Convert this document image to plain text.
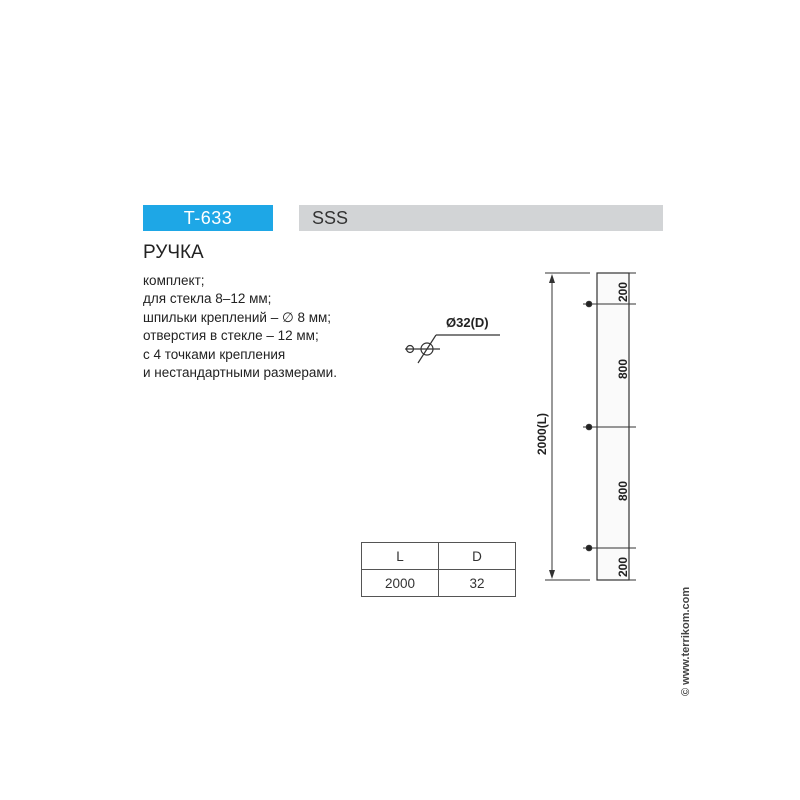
T-633	SSS
РУЧКА
комплект;
для стекла 8–12 мм;
шпильки креплений – ∅ 8 мм;
отверстия в стекле – 12 мм;
с 4 точками крепления
и нестандартными размерами.
Ø32(D)
2000(L)
200
800
800
200
L	D
2000	32
© www.terrikom.com
